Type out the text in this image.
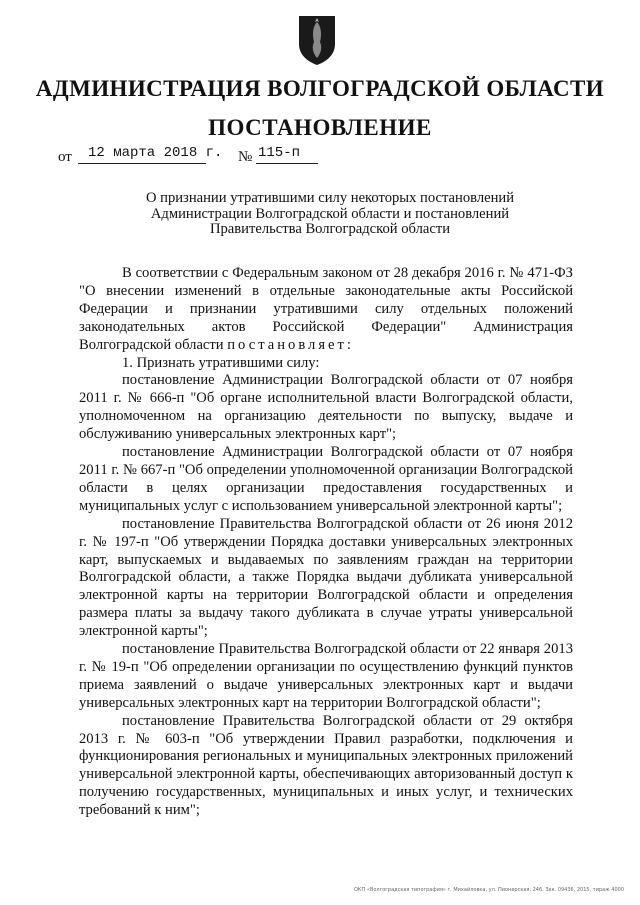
АДМИНИСТРАЦИЯ ВОЛГОГРАДСКОЙ ОБЛАСТИ
ПОСТАНОВЛЕНИЕ
от 12 марта 2018 г. № 115-п
О признании утратившими силу некоторых постановлений
Администрации Волгоградской области и постановлений
Правительства Волгоградской области

В соответствии с Федеральным законом от 28 декабря 2016 г. № 471-ФЗ "О внесении изменений в отдельные законодательные акты Российской Федерации и признании утратившими силу отдельных положений законодательных актов Российской Федерации" Администрация Волгоградской области постановляет:

1. Признать утратившими силу:

постановление Администрации Волгоградской области от 07 ноября 2011 г. № 666-п "Об органе исполнительной власти Волгоградской области, уполномоченном на организацию деятельности по выпуску, выдаче и обслуживанию универсальных электронных карт";

постановление Администрации Волгоградской области от 07 ноября 2011 г. № 667-п "Об определении уполномоченной организации Волгоградской области в целях организации предоставления государственных и муниципальных услуг с использованием универсальной электронной карты";

постановление Правительства Волгоградской области от 26 июня 2012 г. № 197-п "Об утверждении Порядка доставки универсальных электронных карт, выпускаемых и выдаваемых по заявлениям граждан на территории Волгоградской области, а также Порядка выдачи дубликата универсальной электронной карты на территории Волгоградской области и определения размера платы за выдачу такого дубликата в случае утраты универсальной электронной карты";

постановление Правительства Волгоградской области от 22 января 2013 г. № 19-п "Об определении организации по осуществлению функций пунктов приема заявлений о выдаче универсальных электронных карт и выдачи универсальных электронных карт на территории Волгоградской области";

постановление Правительства Волгоградской области от 29 октября 2013 г. № 603-п "Об утверждении Правил разработки, подключения и функционирования региональных и муниципальных электронных приложений универсальной электронной карты, обеспечивающих авторизованный доступ к получению государственных, муниципальных и иных услуг, и технических требований к ним";

ОКП «Волгоградская типография» г. Михайловка, ул. Пионерская, 246. Зак. 09436, 2015, тираж 4000
